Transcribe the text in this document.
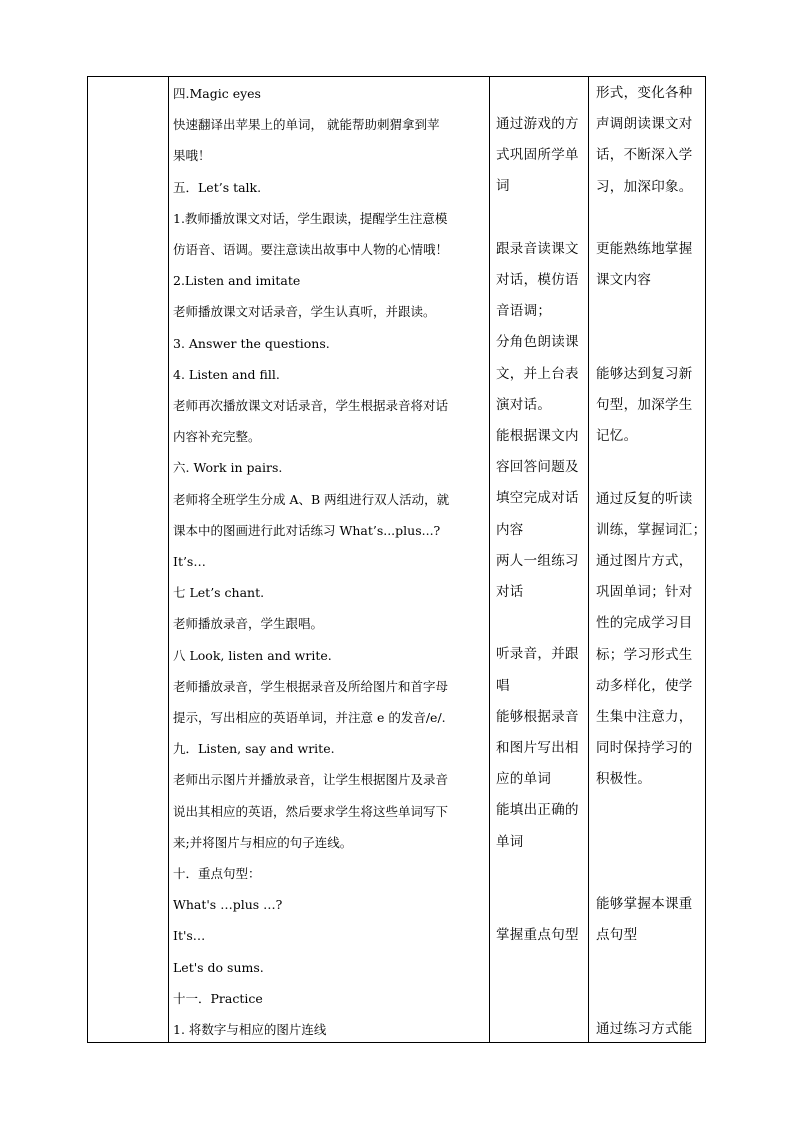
四.Magic eyes

快速翻译出苹果上的单词， 就能帮助刺猬拿到苹

果哦！

五．Let’s talk.

1.教师播放课文对话，学生跟读，提醒学生注意模

仿语音、语调。要注意读出故事中人物的心情哦！

2.Listen and imitate

老师播放课文对话录音，学生认真听，并跟读。

3. Answer the questions.

4. Listen and fill.

老师再次播放课文对话录音，学生根据录音将对话

内容补充完整。

六. Work in pairs.

老师将全班学生分成 A、B 两组进行双人活动，就

课本中的图画进行此对话练习 What’s...plus...?

It’s…

七 Let’s chant.

老师播放录音，学生跟唱。

八 Look, listen and write.

老师播放录音，学生根据录音及所给图片和首字母

提示，写出相应的英语单词，并注意 e 的发音/e/.

九．Listen, say and write.

老师出示图片并播放录音，让学生根据图片及录音

说出其相应的英语，然后要求学生将这些单词写下

来;并将图片与相应的句子连线。

十．重点句型：

What's …plus …?

It's…

Let's do sums.

十一．Practice

1. 将数字与相应的图片连线

通过游戏的方

式巩固所学单

词

跟录音读课文

对话，模仿语

音语调；

分角色朗读课

文，并上台表

演对话。

能根据课文内

容回答问题及

填空完成对话

内容

两人一组练习

对话

听录音，并跟

唱

能够根据录音

和图片写出相

应的单词

能填出正确的

单词

掌握重点句型

形式，变化各种

声调朗读课文对

话，不断深入学

习，加深印象。

更能熟练地掌握

课文内容

能够达到复习新

句型，加深学生

记忆。

通过反复的听读

训练，掌握词汇；

通过图片方式，

巩固单词；针对

性的完成学习目

标；学习形式生

动多样化，使学

生集中注意力，

同时保持学习的

积极性。

能够掌握本课重

点句型

通过练习方式能
